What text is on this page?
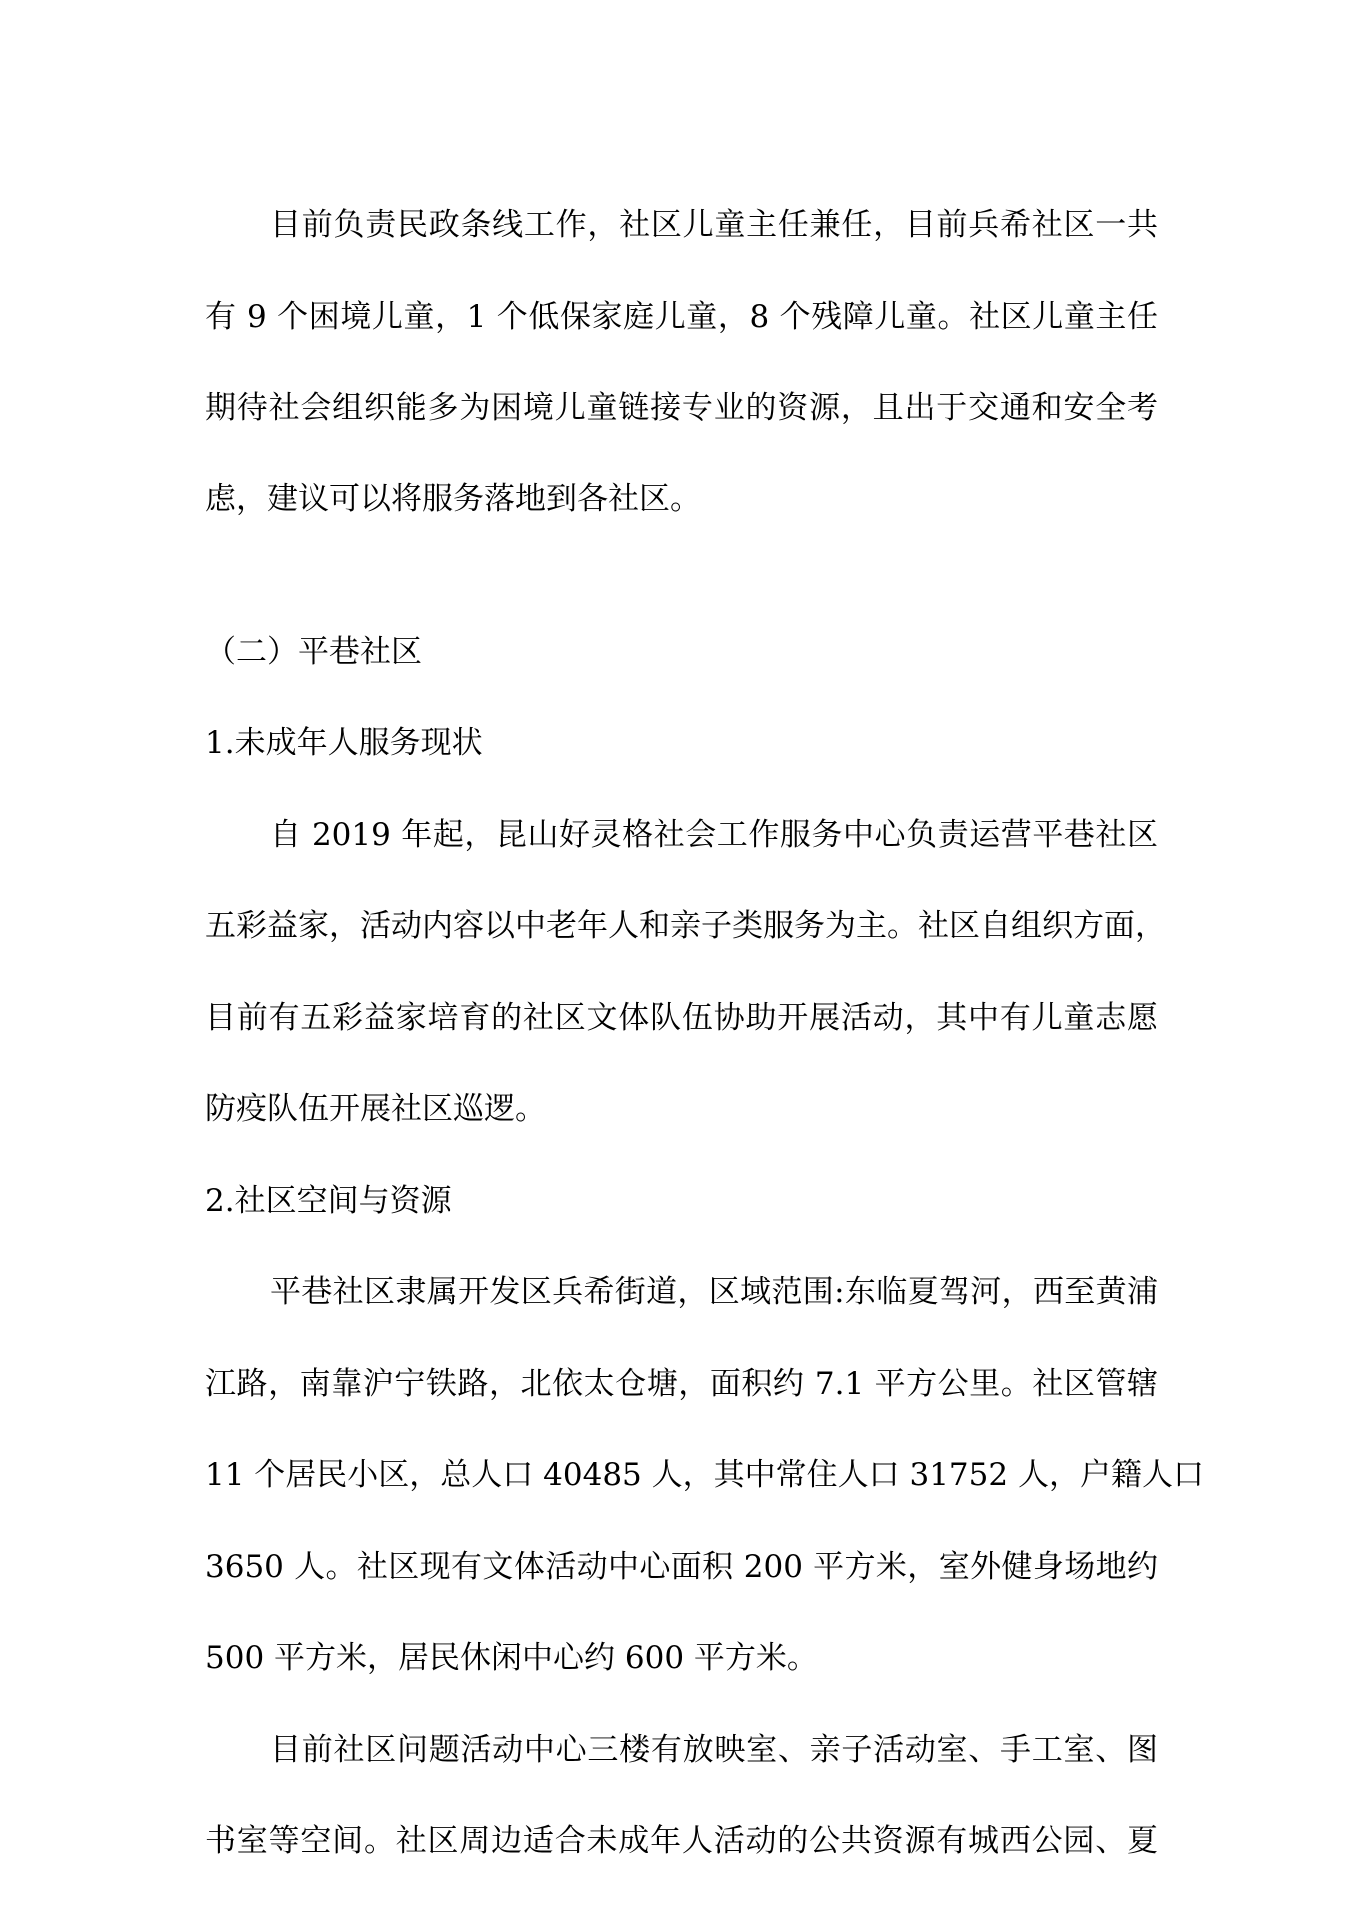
目前负责民政条线工作，社区儿童主任兼任，目前兵希社区一共
有 9 个困境儿童，1 个低保家庭儿童，8 个残障儿童。社区儿童主任
期待社会组织能多为困境儿童链接专业的资源，且出于交通和安全考
虑，建议可以将服务落地到各社区。
（二）平巷社区
1.未成年人服务现状
自 2019 年起，昆山好灵格社会工作服务中心负责运营平巷社区
五彩益家，活动内容以中老年人和亲子类服务为主。社区自组织方面，
目前有五彩益家培育的社区文体队伍协助开展活动，其中有儿童志愿
防疫队伍开展社区巡逻。
2.社区空间与资源
平巷社区隶属开发区兵希街道，区域范围:东临夏驾河，西至黄浦
江路，南靠沪宁铁路，北依太仓塘，面积约 7.1 平方公里。社区管辖
11 个居民小区，总人口 40485 人，其中常住人口 31752 人，户籍人口
3650 人。社区现有文体活动中心面积 200 平方米，室外健身场地约
500 平方米，居民休闲中心约 600 平方米。
目前社区问题活动中心三楼有放映室、亲子活动室、手工室、图
书室等空间。社区周边适合未成年人活动的公共资源有城西公园、夏
